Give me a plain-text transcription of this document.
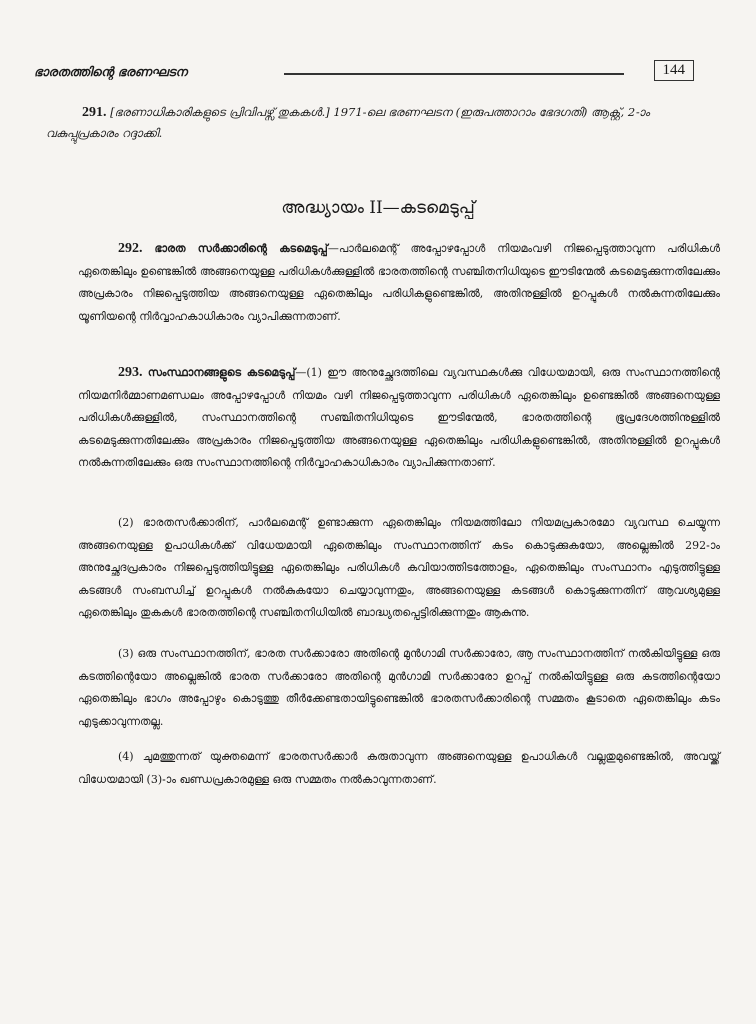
ഭാരതത്തിന്റെ ഭരണഘടന	144
291. [ഭരണാധികാരികളുടെ പ്രിവിപഴ്സ് തുകകൾ.] 1971-ലെ ഭരണഘടന (ഇരുപത്താറാം ഭേദഗതി) ആക്റ്റ്, 2-ാം വകുപ്പുപ്രകാരം റദ്ദാക്കി.
അദ്ധ്യായം II—കടമെടുപ്പ്
292. ഭാരത സർക്കാരിന്റെ കടമെടുപ്പ്—പാർലമെന്റ് അപ്പോഴപ്പോൾ നിയമംവഴി നിജപ്പെടുത്താവുന്ന പരിധികൾ ഏതെങ്കിലും ഉണ്ടെങ്കിൽ അങ്ങനെയുള്ള പരിധികൾക്കുള്ളിൽ ഭാരതത്തിന്റെ സഞ്ചിതനിധിയുടെ ഈടിന്മേൽ കടമെടുക്കുന്നതിലേക്കും അപ്രകാരം നിജപ്പെടുത്തിയ അങ്ങനെയുള്ള ഏതെങ്കിലും പരിധികളുണ്ടെങ്കിൽ, അതിനുള്ളിൽ ഉറപ്പുകൾ നൽകുന്നതിലേക്കും യൂണിയന്റെ നിർവ്വാഹകാധികാരം വ്യാപിക്കുന്നതാണ്.
293. സംസ്ഥാനങ്ങളുടെ കടമെടുപ്പ്—(1) ഈ അനുച്ഛേദത്തിലെ വ്യവസ്ഥകൾക്കു വിധേയമായി, ഒരു സംസ്ഥാനത്തിന്റെ നിയമനിർമ്മാണമണ്ഡലം അപ്പോഴപ്പോൾ നിയമം വഴി നിജപ്പെടുത്താവുന്ന പരിധികൾ ഏതെങ്കിലും ഉണ്ടെങ്കിൽ അങ്ങനെയുള്ള പരിധികൾക്കുള്ളിൽ, സംസ്ഥാനത്തിന്റെ സഞ്ചിതനിധിയുടെ ഈടിന്മേൽ, ഭാരതത്തിന്റെ ഭൂപ്രദേശത്തിനുള്ളിൽ കടമെടുക്കുന്നതിലേക്കും അപ്രകാരം നിജപ്പെടുത്തിയ അങ്ങനെയുള്ള ഏതെങ്കിലും പരിധികളുണ്ടെങ്കിൽ, അതിനുള്ളിൽ ഉറപ്പുകൾ നൽകുന്നതിലേക്കും ഒരു സംസ്ഥാനത്തിന്റെ നിർവ്വാഹകാധികാരം വ്യാപിക്കുന്നതാണ്.
(2) ഭാരതസർക്കാരിന്, പാർലമെന്റ് ഉണ്ടാക്കുന്ന ഏതെങ്കിലും നിയമത്തിലോ നിയമപ്രകാരമോ വ്യവസ്ഥ ചെയ്യുന്ന അങ്ങനെയുള്ള ഉപാധികൾക്ക് വിധേയമായി ഏതെങ്കിലും സംസ്ഥാനത്തിന് കടം കൊടുക്കുകയോ, അല്ലെങ്കിൽ 292-ാം അനുച്ഛേദപ്രകാരം നിജപ്പെടുത്തിയിട്ടുള്ള ഏതെങ്കിലും പരിധികൾ കവിയാത്തിടത്തോളം, ഏതെങ്കിലും സംസ്ഥാനം എടുത്തിട്ടുള്ള കടങ്ങൾ സംബന്ധിച്ച് ഉറപ്പുകൾ നൽകുകയോ ചെയ്യാവുന്നതും, അങ്ങനെയുള്ള കടങ്ങൾ കൊടുക്കുന്നതിന് ആവശ്യമുള്ള ഏതെങ്കിലും തുകകൾ ഭാരതത്തിന്റെ സഞ്ചിതനിധിയിൽ ബാദ്ധ്യതപ്പെട്ടിരിക്കുന്നതും ആകുന്നു.
(3) ഒരു സംസ്ഥാനത്തിന്, ഭാരത സർക്കാരോ അതിന്റെ മുൻഗാമി സർക്കാരോ, ആ സംസ്ഥാനത്തിന് നൽകിയിട്ടുള്ള ഒരു കടത്തിന്റെയോ അല്ലെങ്കിൽ ഭാരത സർക്കാരോ അതിന്റെ മുൻഗാമി സർക്കാരോ ഉറപ്പ് നൽകിയിട്ടുള്ള ഒരു കടത്തിന്റെയോ ഏതെങ്കിലും ഭാഗം അപ്പോഴും കൊടുത്തു തീർക്കേണ്ടതായിട്ടുണ്ടെങ്കിൽ ഭാരതസർക്കാരിന്റെ സമ്മതം കൂടാതെ ഏതെങ്കിലും കടം എടുക്കാവുന്നതല്ല.
(4) ചുമത്തുന്നത് യുക്തമെന്ന് ഭാരതസർക്കാർ കരുതാവുന്ന അങ്ങനെയുള്ള ഉപാധികൾ വല്ലതുമുണ്ടെങ്കിൽ, അവയ്ക്ക് വിധേയമായി (3)-ാം ഖണ്ഡപ്രകാരമുള്ള ഒരു സമ്മതം നൽകാവുന്നതാണ്.
